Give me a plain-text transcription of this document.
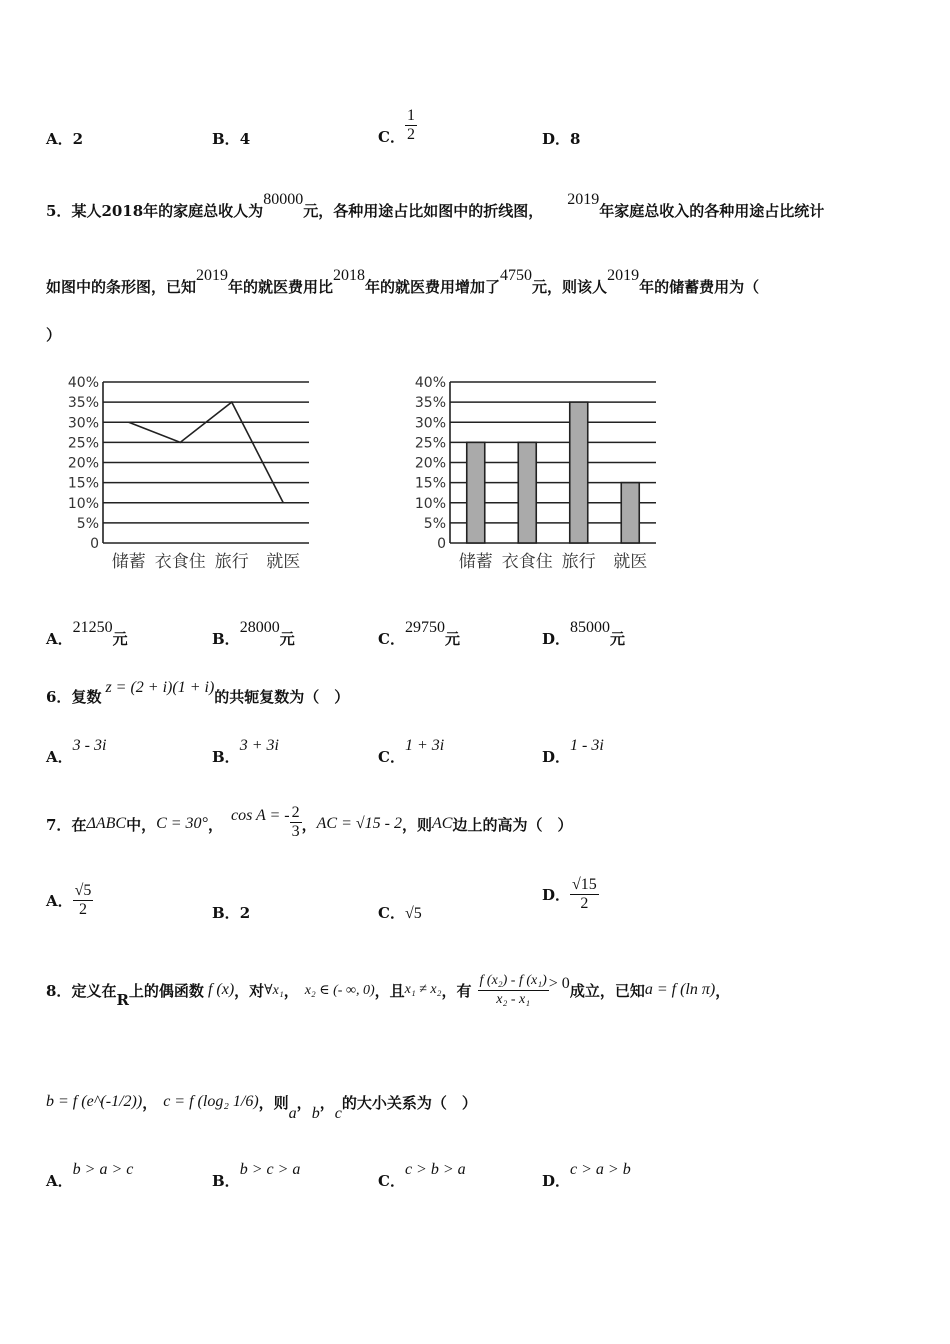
A．2	B．4	C． $\frac{1}{2}$	D．8
5．某人2018年的家庭总收人为80000元，各种用途占比如图中的折线图，2019年家庭总收入的各种用途占比统计
如图中的条形图，已知2019年的就医费用比2018年的就医费用增加了4750元，则该人2019年的储蓄费用为（
）
40%
35%
30%
25%
20%
15%
10%
5%
0
储蓄 衣食住 旅行 就医
40%
35%
30%
25%
20%
15%
10%
5%
0
储蓄 衣食住 旅行 就医
A．21250元	B．28000元	C．29750元	D．85000元
6．复数z = (2 + i)(1 + i)的共轭复数为（　）
A．3 - 3i
B．3 + 3i
C．1 + 3i
D．1 - 3i
7． 在 ΔABC 中， C = 30° ， cos A = - $\frac{2}{3}$ ， AC = √15 - 2 ，则 AC 边上的高为（　）
A． $\frac{√5}{2}$	B．2	C．√5
D． $\frac{√15}{2}$
8． 定义在
R
上的偶函数 f (x) ，对 ∀x₁ ， x₂ ∈ (- ∞, 0) ，且 x₁ ≠ x₂ ，有 $\frac{\text{f (x₂) - f (x₁)}}{\text{x₂ - x₁}} > 0$ 成立，已知 a = f (ln π) ，
b = f (e^(-1/2)) ， c = f (log₂ 1/6) ，则
a
，
b
，
c
的大小关系为（　）
A．b > a > c
B．b > c > a
C．c > b > a
D．c > a > b
